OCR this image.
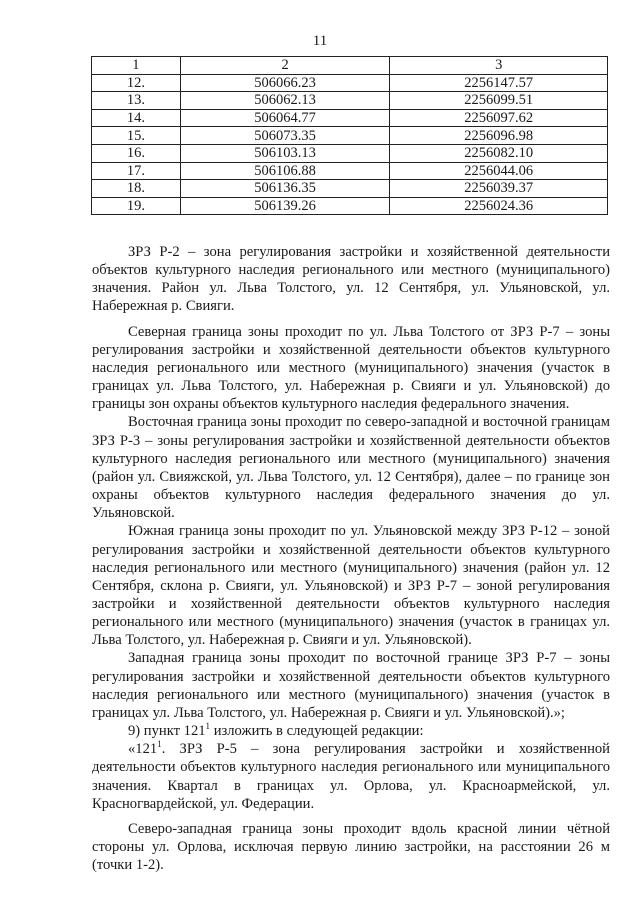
11
1	2	3
12.	506066.23	2256147.57
13.	506062.13	2256099.51
14.	506064.77	2256097.62
15.	506073.35	2256096.98
16.	506103.13	2256082.10
17.	506106.88	2256044.06
18.	506136.35	2256039.37
19.	506139.26	2256024.36

ЗРЗ Р-2 – зона регулирования застройки и хозяйственной деятельности объектов культурного наследия регионального или местного (муниципального) значения. Район ул. Льва Толстого, ул. 12 Сентября, ул. Ульяновской, ул. Набережная р. Свияги.

Северная граница зоны проходит по ул. Льва Толстого от ЗРЗ Р-7 – зоны регулирования застройки и хозяйственной деятельности объектов культурного наследия регионального или местного (муниципального) значения (участок в границах ул. Льва Толстого, ул. Набережная р. Свияги и ул. Ульяновской) до границы зон охраны объектов культурного наследия федерального значения.

Восточная граница зоны проходит по северо-западной и восточной границам ЗРЗ Р-3 – зоны регулирования застройки и хозяйственной деятельности объектов культурного наследия регионального или местного (муниципального) значения (район ул. Свияжской, ул. Льва Толстого, ул. 12 Сентября), далее – по границе зон охраны объектов культурного наследия федерального значения до ул. Ульяновской.

Южная граница зоны проходит по ул. Ульяновской между ЗРЗ Р-12 – зоной регулирования застройки и хозяйственной деятельности объектов культурного наследия регионального или местного (муниципального) значения (район ул. 12 Сентября, склона р. Свияги, ул. Ульяновской) и ЗРЗ Р-7 – зоной регулирования застройки и хозяйственной деятельности объектов культурного наследия регионального или местного (муниципального) значения (участок в границах ул. Льва Толстого, ул. Набережная р. Свияги и ул. Ульяновской).

Западная граница зоны проходит по восточной границе ЗРЗ Р-7 – зоны регулирования застройки и хозяйственной деятельности объектов культурного наследия регионального или местного (муниципального) значения (участок в границах ул. Льва Толстого, ул. Набережная р. Свияги и ул. Ульяновской).»;

9) пункт $121^1$ изложить в следующей редакции:

«$121^1$. ЗРЗ Р-5 – зона регулирования застройки и хозяйственной деятельности объектов культурного наследия регионального или муниципального значения. Квартал в границах ул. Орлова, ул. Красноармейской, ул. Красногвардейской, ул. Федерации.

Северо-западная граница зоны проходит вдоль красной линии чётной стороны ул. Орлова, исключая первую линию застройки, на расстоянии 26 м (точки 1-2).
